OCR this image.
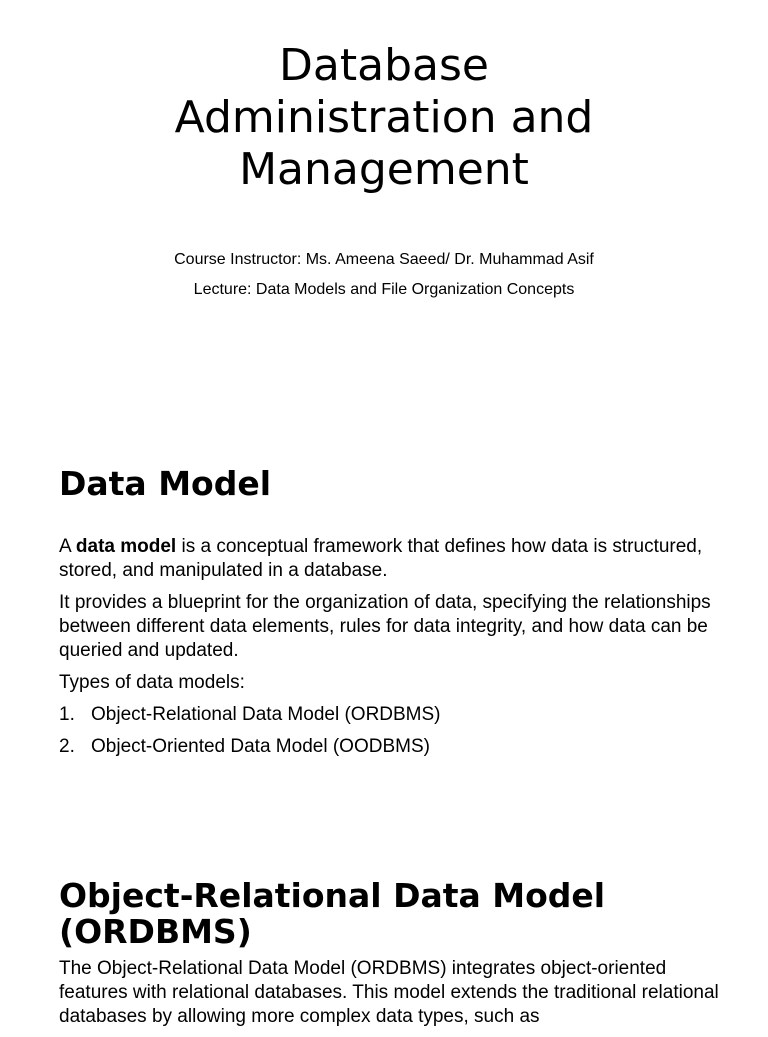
Database
Administration and
Management

Course Instructor: Ms. Ameena Saeed/ Dr. Muhammad Asif

Lecture: Data Models and File Organization Concepts

Data Model

A data model is a conceptual framework that defines how data is structured, stored, and manipulated in a database.

It provides a blueprint for the organization of data, specifying the relationships between different data elements, rules for data integrity, and how data can be queried and updated.

Types of data models:

1. Object-Relational Data Model (ORDBMS)
2. Object-Oriented Data Model (OODBMS)
Object-Relational Data Model
(ORDBMS)

The Object-Relational Data Model (ORDBMS) integrates object-oriented features with relational databases. This model extends the traditional relational databases by allowing more complex data types, such as
